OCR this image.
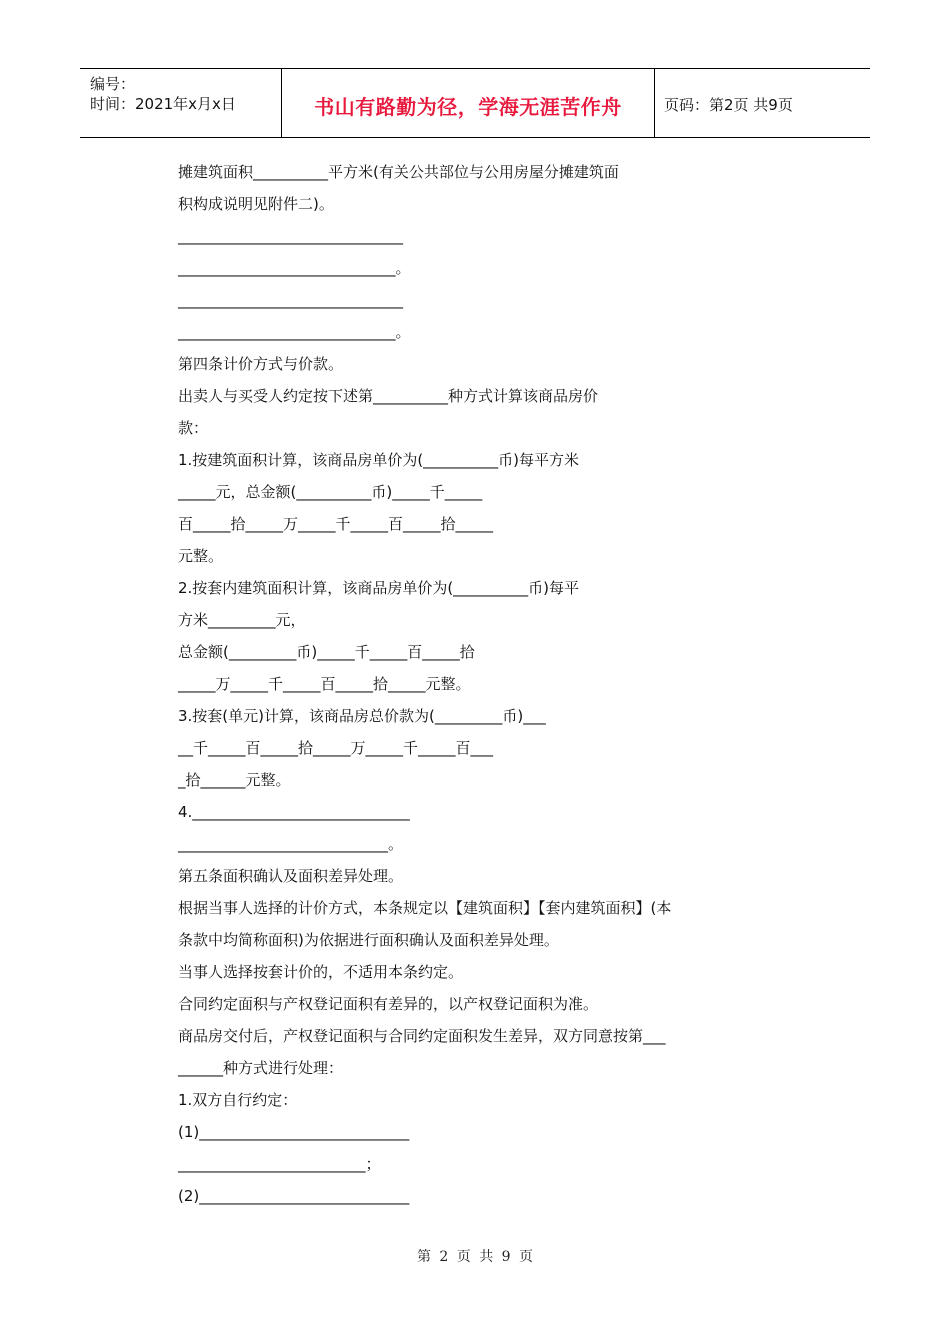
编号：
时间：2021年x月x日	书山有路勤为径，学海无涯苦作舟	页码：第2页 共9页
摊建筑面积__________平方米(有关公共部位与公用房屋分摊建筑面
积构成说明见附件二)。
______________________________
_____________________________。
______________________________
_____________________________。
第四条计价方式与价款。
出卖人与买受人约定按下述第__________种方式计算该商品房价
款：
1.按建筑面积计算，该商品房单价为(__________币)每平方米
_____元，总金额(__________币)_____千_____
百_____拾_____万_____千_____百_____拾_____
元整。
2.按套内建筑面积计算，该商品房单价为(__________币)每平
方米_________元，
总金额(_________币)_____千_____百_____拾
_____万_____千_____百_____拾_____元整。
3.按套(单元)计算，该商品房总价款为(_________币)___
__千_____百_____拾_____万_____千_____百___
_拾______元整。
4._____________________________
____________________________。
第五条面积确认及面积差异处理。
根据当事人选择的计价方式，本条规定以【建筑面积】【套内建筑面积】(本
条款中均简称面积)为依据进行面积确认及面积差异处理。
当事人选择按套计价的，不适用本条约定。
合同约定面积与产权登记面积有差异的，以产权登记面积为准。
商品房交付后，产权登记面积与合同约定面积发生差异，双方同意按第___
______种方式进行处理：
1.双方自行约定：
(1)____________________________
_________________________；
(2)____________________________
第 2 页 共 9 页
